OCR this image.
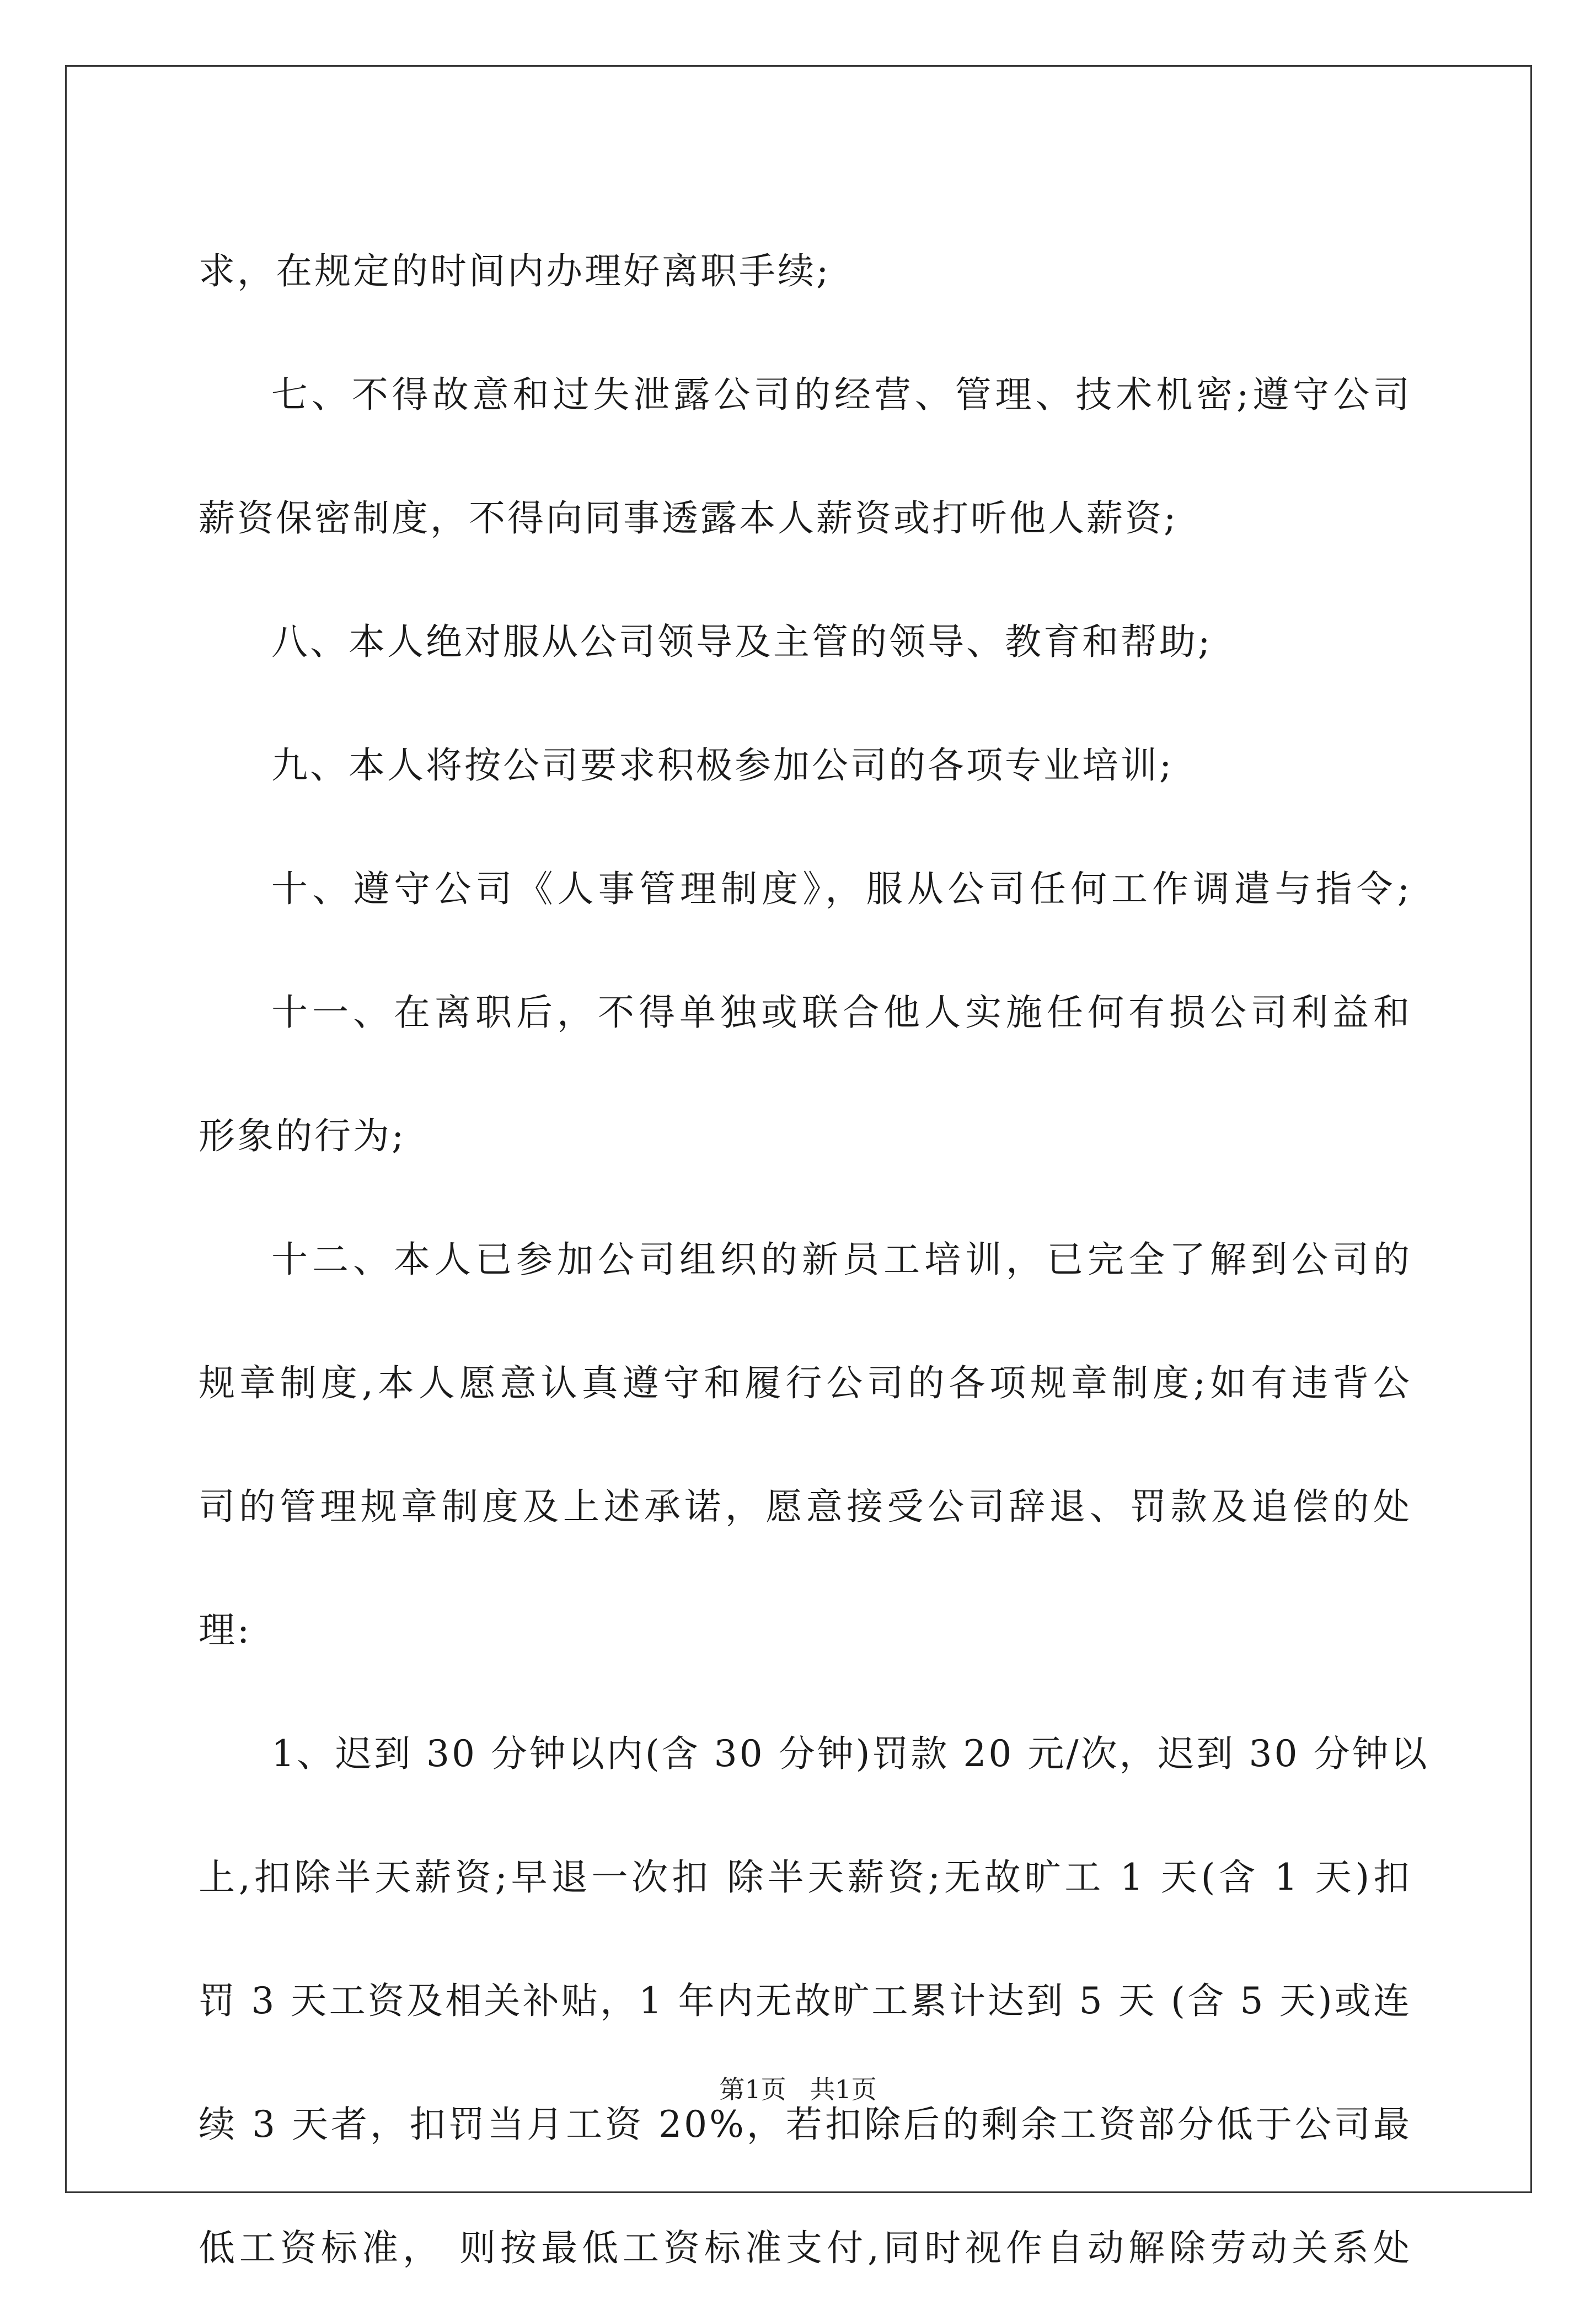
求，在规定的时间内办理好离职手续;
七、不得故意和过失泄露公司的经营、管理、技术机密;遵守公司
薪资保密制度，不得向同事透露本人薪资或打听他人薪资;
八、本人绝对服从公司领导及主管的领导、教育和帮助;
九、本人将按公司要求积极参加公司的各项专业培训;
十、遵守公司《人事管理制度》，服从公司任何工作调遣与指令;
十一、在离职后，不得单独或联合他人实施任何有损公司利益和
形象的行为;
十二、本人已参加公司组织的新员工培训，已完全了解到公司的
规章制度,本人愿意认真遵守和履行公司的各项规章制度;如有违背公
司的管理规章制度及上述承诺，愿意接受公司辞退、罚款及追偿的处
理:
1、迟到 30 分钟以内(含 30 分钟)罚款 20 元/次，迟到 30 分钟以
上,扣除半天薪资;早退一次扣 除半天薪资;无故旷工 1 天(含 1 天)扣
罚 3 天工资及相关补贴，1 年内无故旷工累计达到 5 天 (含 5 天)或连
续 3 天者，扣罚当月工资 20%，若扣除后的剩余工资部分低于公司最
低工资标准， 则按最低工资标准支付,同时视作自动解除劳动关系处
第1页 共1页
